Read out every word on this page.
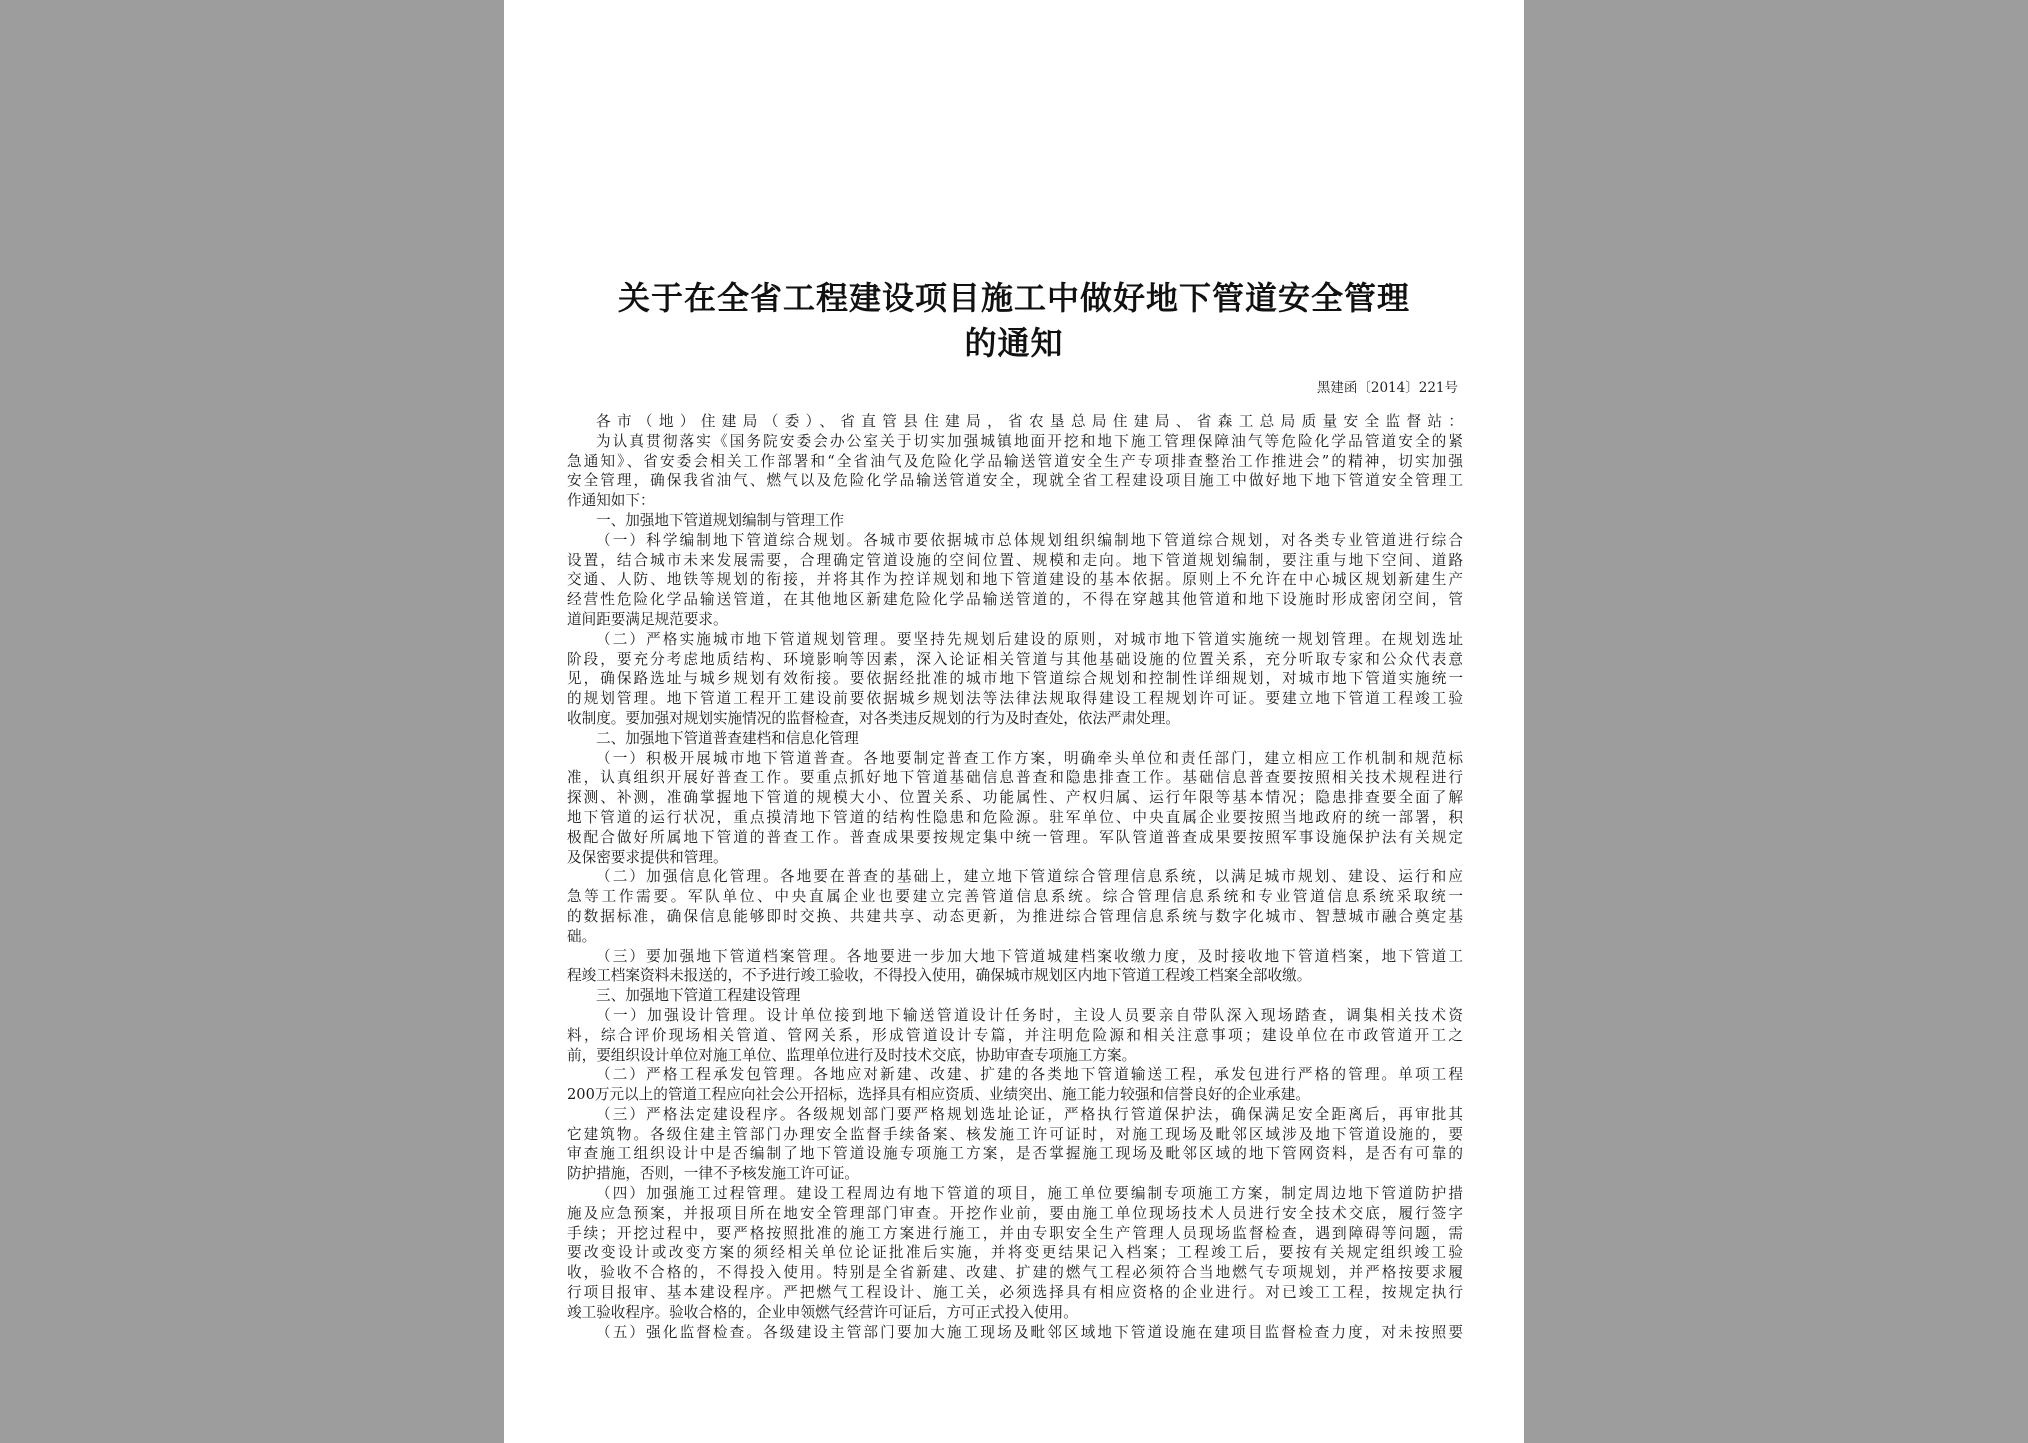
关于在全省工程建设项目施工中做好地下管道安全管理
的通知
黑建函〔2014〕221号
各市（地）住建局（委）、省直管县住建局，省农垦总局住建局、省森工总局质量安全监督站：
为认真贯彻落实《国务院安委会办公室关于切实加强城镇地面开挖和地下施工管理保障油气等危险化学品管道安全的紧
急通知》、省安委会相关工作部署和“全省油气及危险化学品输送管道安全生产专项排查整治工作推进会”的精神，切实加强
安全管理，确保我省油气、燃气以及危险化学品输送管道安全，现就全省工程建设项目施工中做好地下地下管道安全管理工
作通知如下：
一、加强地下管道规划编制与管理工作
（一）科学编制地下管道综合规划。各城市要依据城市总体规划组织编制地下管道综合规划，对各类专业管道进行综合
设置，结合城市未来发展需要，合理确定管道设施的空间位置、规模和走向。地下管道规划编制，要注重与地下空间、道路
交通、人防、地铁等规划的衔接，并将其作为控详规划和地下管道建设的基本依据。原则上不允许在中心城区规划新建生产
经营性危险化学品输送管道，在其他地区新建危险化学品输送管道的，不得在穿越其他管道和地下设施时形成密闭空间，管
道间距要满足规范要求。
（二）严格实施城市地下管道规划管理。要坚持先规划后建设的原则，对城市地下管道实施统一规划管理。在规划选址
阶段，要充分考虑地质结构、环境影响等因素，深入论证相关管道与其他基础设施的位置关系，充分听取专家和公众代表意
见，确保路选址与城乡规划有效衔接。要依据经批准的城市地下管道综合规划和控制性详细规划，对城市地下管道实施统一
的规划管理。地下管道工程开工建设前要依据城乡规划法等法律法规取得建设工程规划许可证。要建立地下管道工程竣工验
收制度。要加强对规划实施情况的监督检查，对各类违反规划的行为及时查处，依法严肃处理。
二、加强地下管道普查建档和信息化管理
（一）积极开展城市地下管道普查。各地要制定普查工作方案，明确牵头单位和责任部门，建立相应工作机制和规范标
准，认真组织开展好普查工作。要重点抓好地下管道基础信息普查和隐患排查工作。基础信息普查要按照相关技术规程进行
探测、补测，准确掌握地下管道的规模大小、位置关系、功能属性、产权归属、运行年限等基本情况；隐患排查要全面了解
地下管道的运行状况，重点摸清地下管道的结构性隐患和危险源。驻军单位、中央直属企业要按照当地政府的统一部署，积
极配合做好所属地下管道的普查工作。普查成果要按规定集中统一管理。军队管道普查成果要按照军事设施保护法有关规定
及保密要求提供和管理。
（二）加强信息化管理。各地要在普查的基础上，建立地下管道综合管理信息系统，以满足城市规划、建设、运行和应
急等工作需要。军队单位、中央直属企业也要建立完善管道信息系统。综合管理信息系统和专业管道信息系统采取统一
的数据标准，确保信息能够即时交换、共建共享、动态更新，为推进综合管理信息系统与数字化城市、智慧城市融合奠定基
础。
（三）要加强地下管道档案管理。各地要进一步加大地下管道城建档案收缴力度，及时接收地下管道档案，地下管道工
程竣工档案资料未报送的，不予进行竣工验收，不得投入使用，确保城市规划区内地下管道工程竣工档案全部收缴。
三、加强地下管道工程建设管理
（一）加强设计管理。设计单位接到地下输送管道设计任务时，主设人员要亲自带队深入现场踏查，调集相关技术资
料，综合评价现场相关管道、管网关系，形成管道设计专篇，并注明危险源和相关注意事项；建设单位在市政管道开工之
前，要组织设计单位对施工单位、监理单位进行及时技术交底，协助审查专项施工方案。
（二）严格工程承发包管理。各地应对新建、改建、扩建的各类地下管道输送工程，承发包进行严格的管理。单项工程
200万元以上的管道工程应向社会公开招标，选择具有相应资质、业绩突出、施工能力较强和信誉良好的企业承建。
（三）严格法定建设程序。各级规划部门要严格规划选址论证，严格执行管道保护法，确保满足安全距离后，再审批其
它建筑物。各级住建主管部门办理安全监督手续备案、核发施工许可证时，对施工现场及毗邻区域涉及地下管道设施的，要
审查施工组织设计中是否编制了地下管道设施专项施工方案，是否掌握施工现场及毗邻区域的地下管网资料，是否有可靠的
防护措施，否则，一律不予核发施工许可证。
（四）加强施工过程管理。建设工程周边有地下管道的项目，施工单位要编制专项施工方案，制定周边地下管道防护措
施及应急预案，并报项目所在地安全管理部门审查。开挖作业前，要由施工单位现场技术人员进行安全技术交底，履行签字
手续；开挖过程中，要严格按照批准的施工方案进行施工，并由专职安全生产管理人员现场监督检查，遇到障碍等问题，需
要改变设计或改变方案的须经相关单位论证批准后实施，并将变更结果记入档案；工程竣工后，要按有关规定组织竣工验
收，验收不合格的，不得投入使用。特别是全省新建、改建、扩建的燃气工程必须符合当地燃气专项规划，并严格按要求履
行项目报审、基本建设程序。严把燃气工程设计、施工关，必须选择具有相应资格的企业进行。对已竣工工程，按规定执行
竣工验收程序。验收合格的，企业申领燃气经营许可证后，方可正式投入使用。
（五）强化监督检查。各级建设主管部门要加大施工现场及毗邻区域地下管道设施在建项目监督检查力度，对未按照要
